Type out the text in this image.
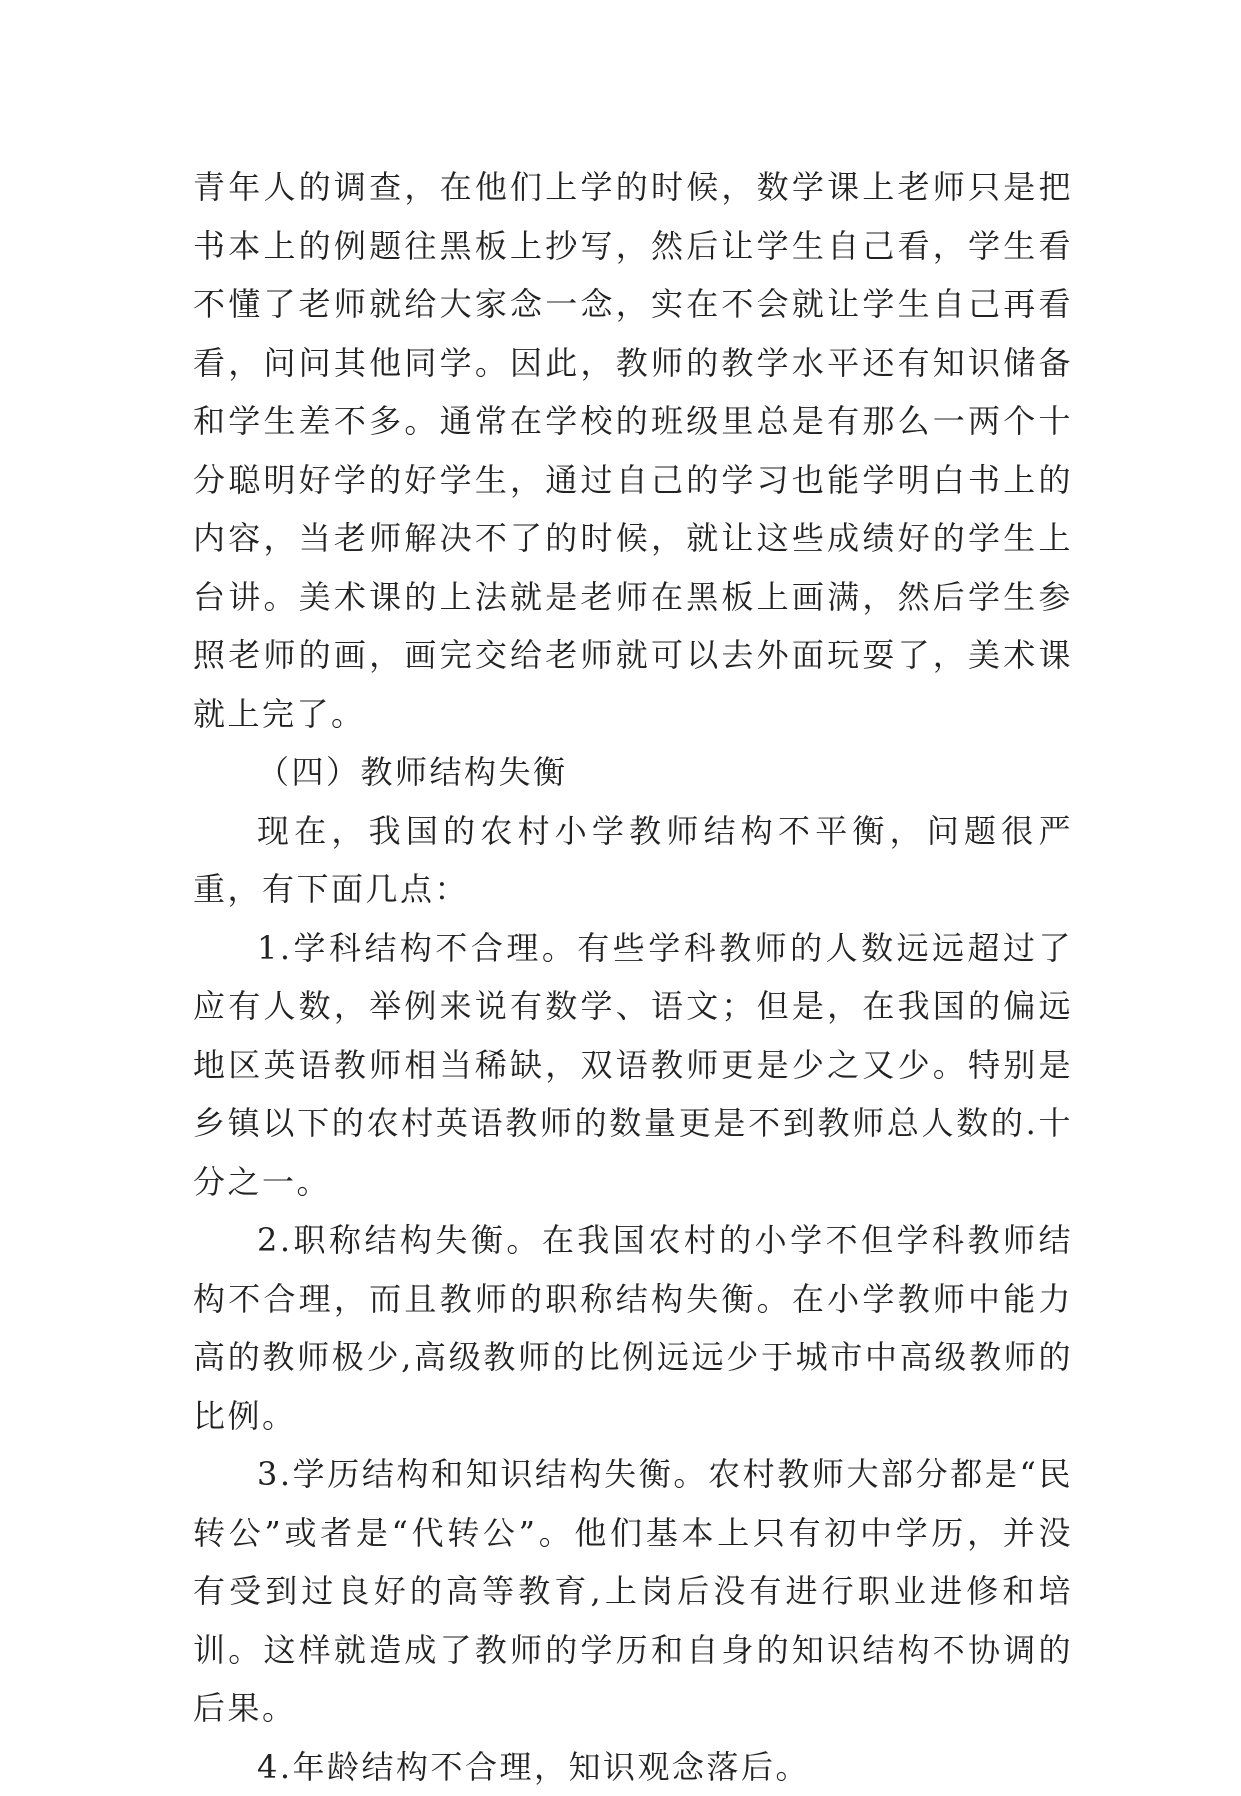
青年人的调查，在他们上学的时候，数学课上老师只是把书本上的例题往黑板上抄写，然后让学生自己看，学生看不懂了老师就给大家念一念，实在不会就让学生自己再看看，问问其他同学。因此，教师的教学水平还有知识储备和学生差不多。通常在学校的班级里总是有那么一两个十分聪明好学的好学生，通过自己的学习也能学明白书上的内容，当老师解决不了的时候，就让这些成绩好的学生上台讲。美术课的上法就是老师在黑板上画满，然后学生参照老师的画，画完交给老师就可以去外面玩耍了，美术课就上完了。

（四）教师结构失衡

现在，我国的农村小学教师结构不平衡，问题很严重，有下面几点：

1.学科结构不合理。有些学科教师的人数远远超过了应有人数，举例来说有数学、语文；但是，在我国的偏远地区英语教师相当稀缺，双语教师更是少之又少。特别是乡镇以下的农村英语教师的数量更是不到教师总人数的.十分之一。

2.职称结构失衡。在我国农村的小学不但学科教师结构不合理，而且教师的职称结构失衡。在小学教师中能力高的教师极少,高级教师的比例远远少于城市中高级教师的比例。

3.学历结构和知识结构失衡。农村教师大部分都是“民转公”或者是“代转公”。他们基本上只有初中学历，并没有受到过良好的高等教育,上岗后没有进行职业进修和培训。这样就造成了教师的学历和自身的知识结构不协调的后果。

4.年龄结构不合理，知识观念落后。
